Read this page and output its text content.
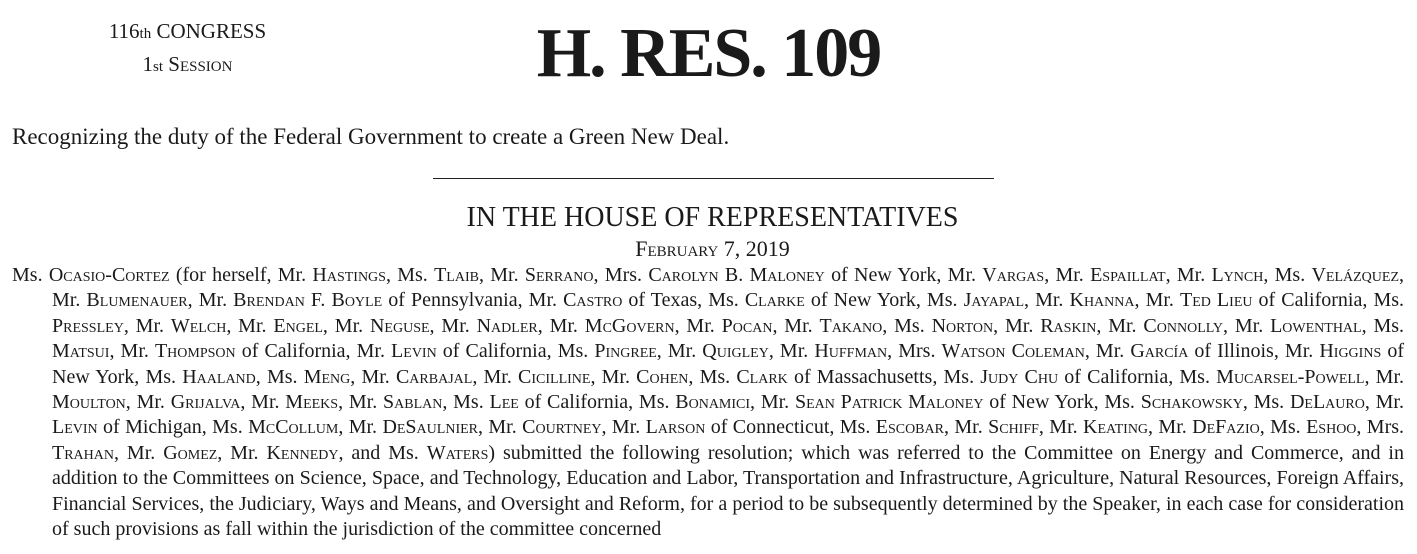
116th CONGRESS
1st Session	H. RES. 109
Recognizing the duty of the Federal Government to create a Green New Deal.
IN THE HOUSE OF REPRESENTATIVES
February 7, 2019
Ms. Ocasio-Cortez (for herself, Mr. Hastings, Ms. Tlaib, Mr. Serrano, Mrs. Carolyn B. Maloney of New York, Mr. Vargas, Mr. Espaillat, Mr. Lynch, Ms. Velázquez, Mr. Blumenauer, Mr. Brendan F. Boyle of Pennsylvania, Mr. Castro of Texas, Ms. Clarke of New York, Ms. Jayapal, Mr. Khanna, Mr. Ted Lieu of California, Ms. Pressley, Mr. Welch, Mr. Engel, Mr. Neguse, Mr. Nadler, Mr. McGovern, Mr. Pocan, Mr. Takano, Ms. Norton, Mr. Raskin, Mr. Connolly, Mr. Lowenthal, Ms. Matsui, Mr. Thompson of California, Mr. Levin of California, Ms. Pingree, Mr. Quigley, Mr. Huffman, Mrs. Watson Coleman, Mr. García of Illinois, Mr. Higgins of New York, Ms. Haaland, Ms. Meng, Mr. Carbajal, Mr. Cicilline, Mr. Cohen, Ms. Clark of Massachusetts, Ms. Judy Chu of California, Ms. Mucarsel-Powell, Mr. Moulton, Mr. Grijalva, Mr. Meeks, Mr. Sablan, Ms. Lee of California, Ms. Bonamici, Mr. Sean Patrick Maloney of New York, Ms. Schakowsky, Ms. DeLauro, Mr. Levin of Michigan, Ms. McCollum, Mr. DeSaulnier, Mr. Courtney, Mr. Larson of Connecticut, Ms. Escobar, Mr. Schiff, Mr. Keating, Mr. DeFazio, Ms. Eshoo, Mrs. Trahan, Mr. Gomez, Mr. Kennedy, and Ms. Waters) submitted the following resolution; which was referred to the Committee on Energy and Commerce, and in addition to the Committees on Science, Space, and Technology, Education and Labor, Transportation and Infrastructure, Agriculture, Natural Resources, Foreign Affairs, Financial Services, the Judiciary, Ways and Means, and Oversight and Reform, for a period to be subsequently determined by the Speaker, in each case for consideration of such provisions as fall within the jurisdiction of the committee concerned
